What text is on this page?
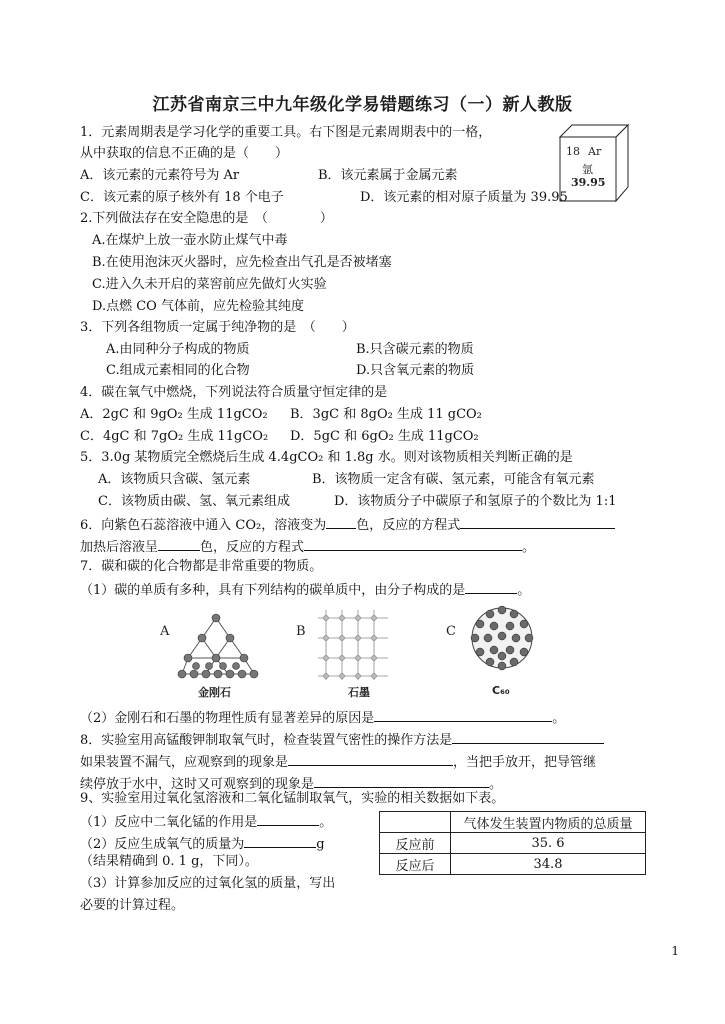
江苏省南京三中九年级化学易错题练习（一）新人教版
18 Ar
氩
39.95
1．元素周期表是学习化学的重要工具。右下图是元素周期表中的一格，
从中获取的信息不正确的是（　　）
A．该元素的元素符号为 Ar	B．该元素属于金属元素
C．该元素的原子核外有 18 个电子	D．该元素的相对原子质量为 39.95
2.下列做法存在安全隐患的是　（　　　　）
A.在煤炉上放一壶水防止煤气中毒
B.在使用泡沫灭火器时，应先检查出气孔是否被堵塞
C.进入久未开启的菜窖前应先做灯火实验
D.点燃 CO 气体前，应先检验其纯度
3．下列各组物质一定属于纯净物的是　（　　）
A.由同种分子构成的物质	B.只含碳元素的物质
C.组成元素相同的化合物	D.只含氧元素的物质
4．碳在氧气中燃烧，下列说法符合质量守恒定律的是
A．2gC 和 9gO₂ 生成 11gCO₂ B．3gC 和 8gO₂ 生成 11 gCO₂
C．4gC 和 7gO₂ 生成 11gCO₂ D．5gC 和 6gO₂ 生成 11gCO₂
5．3.0g 某物质完全燃烧后生成 4.4gCO₂ 和 1.8g 水。则对该物质相关判断正确的是
A．该物质只含碳、氢元素	B．该物质一定含有碳、氢元素，可能含有氧元素
C．该物质由碳、氢、氧元素组成	D．该物质分子中碳原子和氢原子的个数比为 1:1
6．向紫色石蕊溶液中通入 CO₂，溶液变为 色，反应的方程式
加热后溶液呈	色，反应的方程式	。
7．碳和碳的化合物都是非常重要的物质。
（1）碳的单质有多种，具有下列结构的碳单质中，由分子构成的是	。
A	B	C
金刚石	石墨	C₆₀
（2）金刚石和石墨的物理性质有显著差异的原因是	。
8．实验室用高锰酸钾制取氧气时，检查装置气密性的操作方法是
如果装置不漏气，应观察到的现象是	，当把手放开，把导管继
续停放于水中，这时又可观察到的现象是	。
9、实验室用过氧化氢溶液和二氧化锰制取氧气，实验的相关数据如下表。
（1）反应中二氧化锰的作用是	。
（2）反应生成氧气的质量为	g
（结果精确到 0. 1 g，下同）。
（3）计算参加反应的过氧化氢的质量，写出
必要的计算过程。
	气体发生装置内物质的总质量
反应前	35. 6
反应后	34.8
1
